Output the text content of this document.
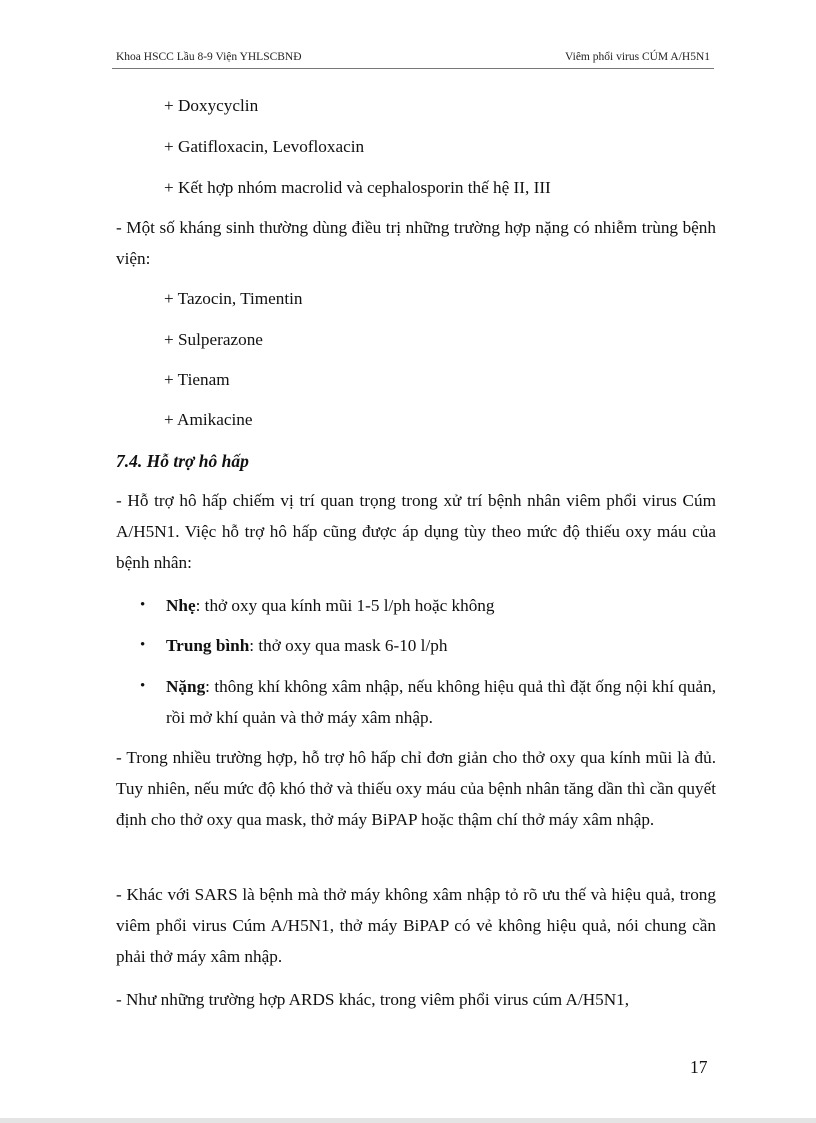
Khoa HSCC Lầu 8-9 Viện YHLSCBNĐ	Viêm phổi virus CÚM A/H5N1
+ Doxycyclin
+ Gatifloxacin, Levofloxacin
+ Kết hợp nhóm macrolid và cephalosporin thế hệ II, III
- Một số kháng sinh thường dùng điều trị những trường hợp nặng có nhiễm trùng bệnh viện:
+ Tazocin, Timentin
+ Sulperazone
+ Tienam
+ Amikacine
7.4. Hỗ trợ hô hấp
- Hỗ trợ hô hấp chiếm vị trí quan trọng trong xử trí bệnh nhân viêm phổi virus Cúm A/H5N1. Việc hỗ trợ hô hấp cũng được áp dụng tùy theo mức độ thiếu oxy máu của bệnh nhân:
•	Nhẹ: thở oxy qua kính mũi 1-5 l/ph hoặc không
•	Trung bình: thở oxy qua mask 6-10 l/ph
•	Nặng: thông khí không xâm nhập, nếu không hiệu quả thì đặt ống nội khí quản, rồi mở khí quản và thở máy xâm nhập.
- Trong nhiều trường hợp, hỗ trợ hô hấp chỉ đơn giản cho thở oxy qua kính mũi là đủ. Tuy nhiên, nếu mức độ khó thở và thiếu oxy máu của bệnh nhân tăng dần thì cần quyết định cho thở oxy qua mask, thở máy BiPAP hoặc thậm chí thở máy xâm nhập.
- Khác với SARS là bệnh mà thở máy không xâm nhập tỏ rõ ưu thế và hiệu quả, trong viêm phổi virus Cúm A/H5N1, thở máy BiPAP có vẻ không hiệu quả, nói chung cần phải thở máy xâm nhập.
- Như những trường hợp ARDS khác, trong viêm phổi virus cúm A/H5N1,
17
